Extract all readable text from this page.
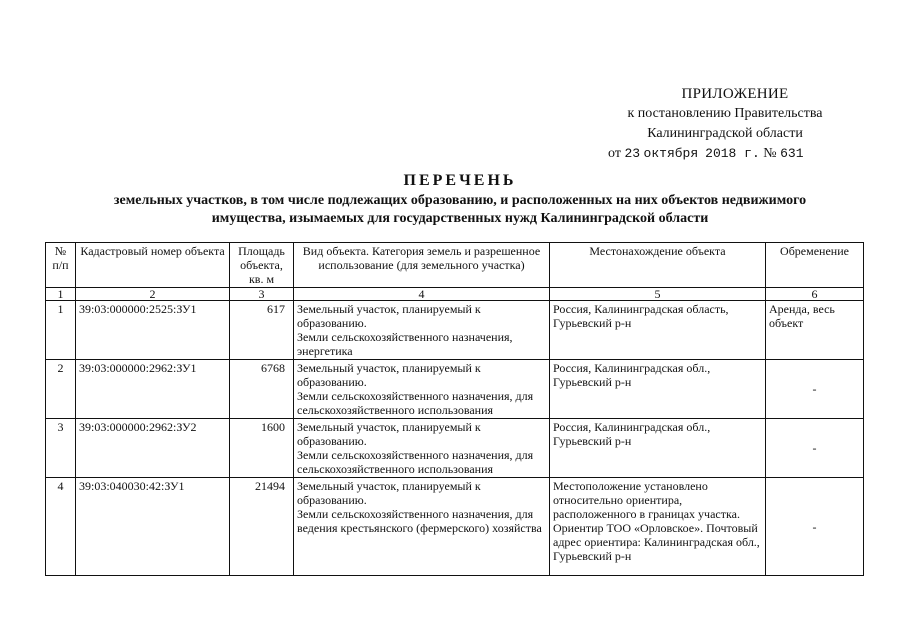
ПРИЛОЖЕНИЕ
к постановлению Правительства
Калининградской области
от 23 октября 2018 г. № 631
ПЕРЕЧЕНЬ
земельных участков, в том числе подлежащих образованию, и расположенных на них объектов недвижимого
имущества, изымаемых для государственных нужд Калининградской области
№ п/п	Кадастровый номер объекта	Площадь объекта, кв. м	Вид объекта. Категория земель и разрешенное использование (для земельного участка)	Местонахождение объекта	Обременение
1	2	3	4	5	6
1	39:03:000000:2525:ЗУ1	617	Земельный участок, планируемый к образованию.
Земли сельскохозяйственного назначения, энергетика	Россия, Калининградская область, Гурьевский р-н	Аренда, весь объект
2	39:03:000000:2962:ЗУ1	6768	Земельный участок, планируемый к образованию.
Земли сельскохозяйственного назначения, для сельскохозяйственного использования	Россия, Калининградская обл., Гурьевский р-н	-
3	39:03:000000:2962:ЗУ2	1600	Земельный участок, планируемый к образованию.
Земли сельскохозяйственного назначения, для сельскохозяйственного использования	Россия, Калининградская обл., Гурьевский р-н	-
4	39:03:040030:42:ЗУ1	21494	Земельный участок, планируемый к образованию.
Земли сельскохозяйственного назначения, для ведения крестьянского (фермерского) хозяйства	Местоположение установлено относительно ориентира, расположенного в границах участка. Ориентир ТОО «Орловское». Почтовый адрес ориентира: Калининградская обл., Гурьевский р-н	-
